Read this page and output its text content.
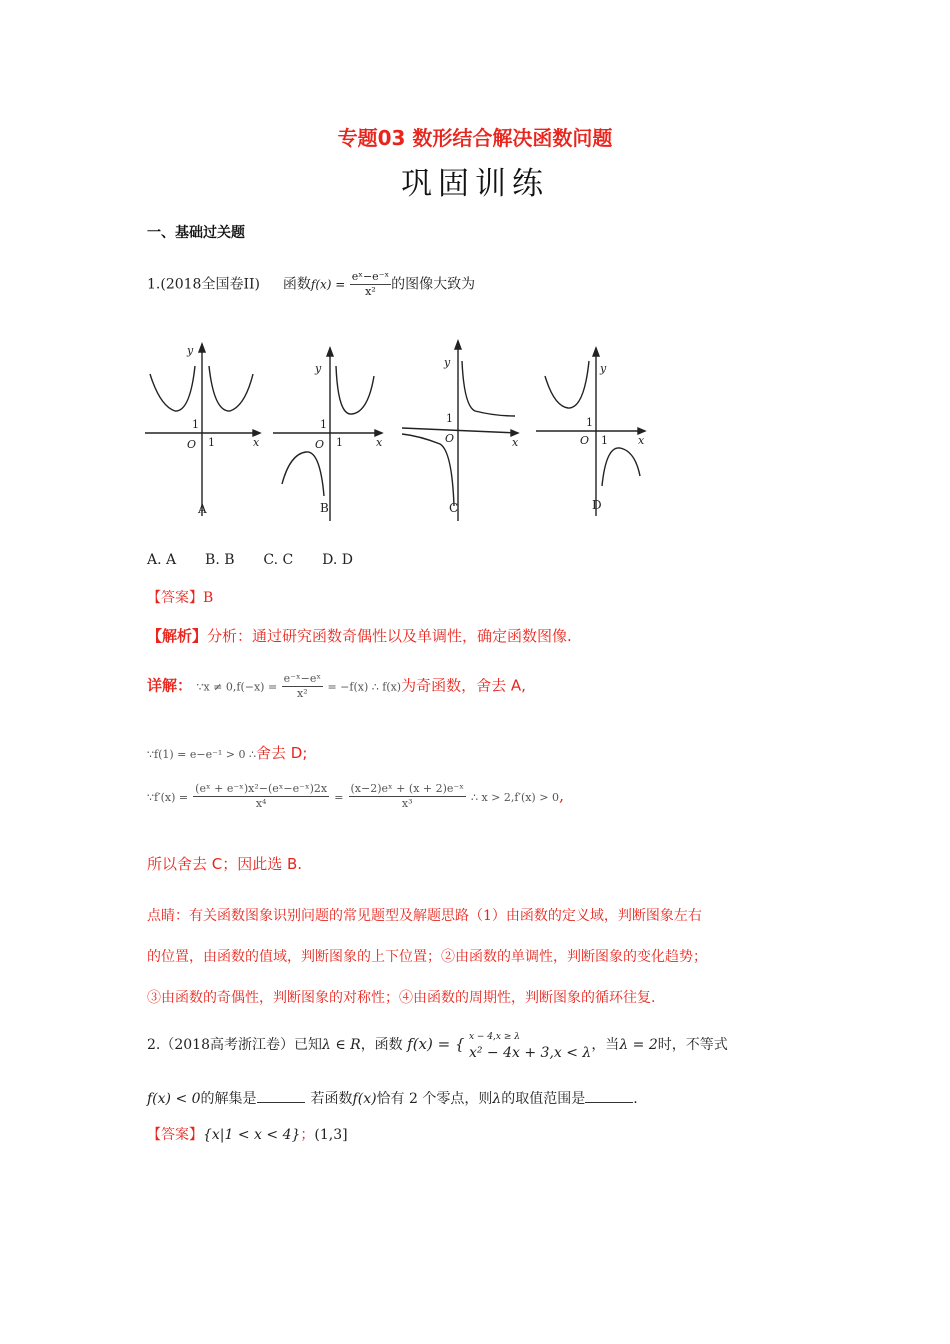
专题03 数形结合解决函数问题
巩固训练
一、基础过关题
1.(2018全国卷II) 函数$f(x) = \frac{\text{eˣ−e⁻ˣ}}{\text{x²}}$ 的图像大致为
y
x
O
1
1
y
x
O
1
1
y
x
O
1
y
x
O
1
1
A	B	C	D
A. A B. B C. C D. D
【答案】B
【解析】分析：通过研究函数奇偶性以及单调性，确定函数图像.
详解： ∵x ≠ $0,f(-x) = \frac{\text{e⁻ˣ−eˣ}}{\text{x²}} = -f(x)$ ∴ f(x)为奇函数，舍去 A,
∵f(1) = e−e⁻¹ > 0 ∴舍去 D;
∵f′(x) = $\frac{\text{(eˣ + e⁻ˣ)x²−(eˣ−e⁻ˣ)2x}}{\text{x⁴}} = \frac{\text{(x−2)eˣ + (x + 2)e⁻ˣ}}{\text{x³}}$ ∴ x > 2,f′(x) > 0,
所以舍去 C；因此选 B.
点睛：有关函数图象识别问题的常见题型及解题思路（1）由函数的定义域，判断图象左右
的位置，由函数的值域，判断图象的上下位置；②由函数的单调性，判断图象的变化趋势；
③由函数的奇偶性，判断图象的对称性；④由函数的周期性，判断图象的循环往复.
2.（2018高考浙江卷）已知λ ∈ R，函数 f(x) = { x − 4,x ≥ λ
x² − 4x + 3,x < λ ，当λ = 2时，不等式
f(x) < 0的解集是	若函数f(x)恰有 2 个零点，则λ的取值范围是	.
【答案】{x|1 < x < 4}；(1,3]
